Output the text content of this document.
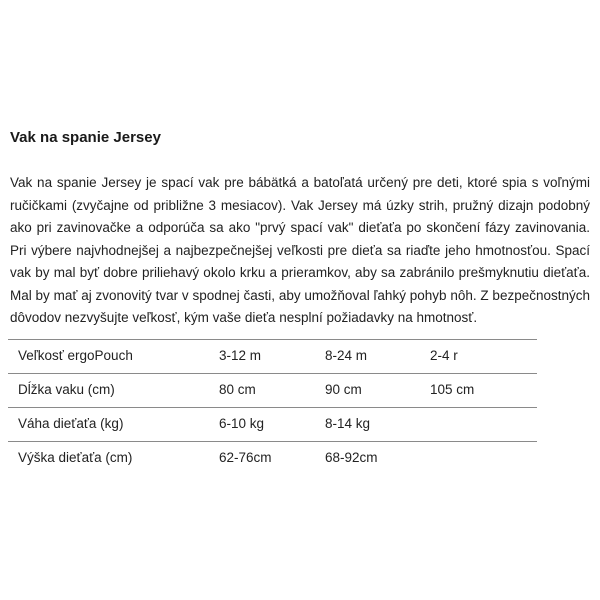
Vak na spanie Jersey

Vak na spanie Jersey je spací vak pre bábätká a batoľatá určený pre deti, ktoré spia s voľnými ručičkami (zvyčajne od približne 3 mesiacov). Vak Jersey má úzky strih, pružný dizajn podobný ako pri zavinovačke a odporúča sa ako "prvý spací vak" dieťaťa po skončení fázy zavinovania. Pri výbere najvhodnejšej a najbezpečnejšej veľkosti pre dieťa sa riaďte jeho hmotnosťou. Spací vak by mal byť dobre priliehavý okolo krku a prieramkov, aby sa zabránilo prešmyknutiu dieťaťa. Mal by mať aj zvonovitý tvar v spodnej časti, aby umožňoval ľahký pohyb nôh. Z bezpečnostných dôvodov nezvyšujte veľkosť, kým vaše dieťa nesplní požiadavky na hmotnosť.

Veľkosť ergoPouch	3-12 m	8-24 m	2-4 r
Dĺžka vaku (cm)	80 cm	90 cm	105 cm
Váha dieťaťa (kg)	6-10 kg	8-14 kg	
Výška dieťaťa (cm)	62-76cm	68-92cm	
